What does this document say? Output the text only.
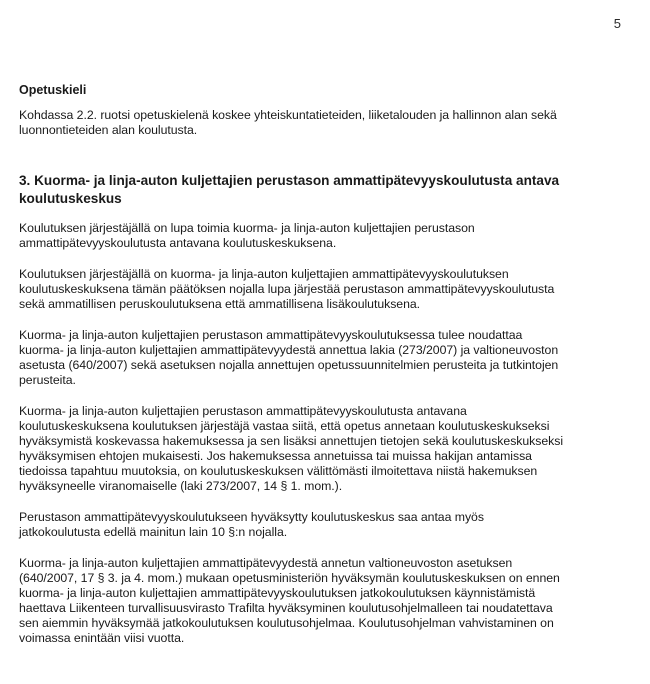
5
Opetuskieli
Kohdassa 2.2. ruotsi opetuskielenä koskee yhteiskuntatieteiden, liiketalouden ja hallinnon alan sekä
luonnontieteiden alan koulutusta.
3. Kuorma- ja linja-auton kuljettajien perustason ammattipätevyyskoulutusta antava
koulutuskeskus
Koulutuksen järjestäjällä on lupa toimia kuorma- ja linja-auton kuljettajien perustason
ammattipätevyyskoulutusta antavana koulutuskeskuksena.
Koulutuksen järjestäjällä on kuorma- ja linja-auton kuljettajien ammattipätevyyskoulutuksen
koulutuskeskuksena tämän päätöksen nojalla lupa järjestää perustason ammattipätevyyskoulutusta
sekä ammatillisen peruskoulutuksena että ammatillisena lisäkoulutuksena.
Kuorma- ja linja-auton kuljettajien perustason ammattipätevyyskoulutuksessa tulee noudattaa
kuorma- ja linja-auton kuljettajien ammattipätevyydestä annettua lakia (273/2007) ja valtioneuvoston
asetusta (640/2007) sekä asetuksen nojalla annettujen opetussuunnitelmien perusteita ja tutkintojen
perusteita.
Kuorma- ja linja-auton kuljettajien perustason ammattipätevyyskoulutusta antavana
koulutuskeskuksena koulutuksen järjestäjä vastaa siitä, että opetus annetaan koulutuskeskukseksi
hyväksymistä koskevassa hakemuksessa ja sen lisäksi annettujen tietojen sekä koulutuskeskukseksi
hyväksymisen ehtojen mukaisesti. Jos hakemuksessa annetuissa tai muissa hakijan antamissa
tiedoissa tapahtuu muutoksia, on koulutuskeskuksen välittömästi ilmoitettava niistä hakemuksen
hyväksyneelle viranomaiselle (laki 273/2007, 14 § 1. mom.).
Perustason ammattipätevyyskoulutukseen hyväksytty koulutuskeskus saa antaa myös
jatkokoulutusta edellä mainitun lain 10 §:n nojalla.
Kuorma- ja linja-auton kuljettajien ammattipätevyydestä annetun valtioneuvoston asetuksen
(640/2007, 17 § 3. ja 4. mom.) mukaan opetusministeriön hyväksymän koulutuskeskuksen on ennen
kuorma- ja linja-auton kuljettajien ammattipätevyyskoulutuksen jatkokoulutuksen käynnistämistä
haettava Liikenteen turvallisuusvirasto Trafilta hyväksyminen koulutusohjelmalleen tai noudatettava
sen aiemmin hyväksymää jatkokoulutuksen koulutusohjelmaa. Koulutusohjelman vahvistaminen on
voimassa enintään viisi vuotta.
